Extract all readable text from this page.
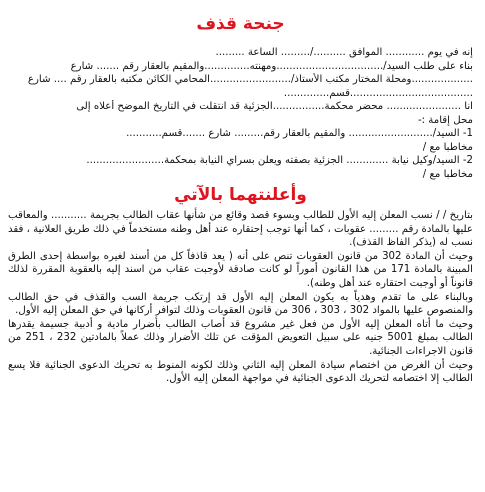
جنحة قذف
إنه في يوم ............ الموافق ........../......... الساعة .........
بناء على طلب السيد/.................................ومهنته..............والمقيم بالعقار رقم ....... شارع
...................ومحلة المختار مكتب الأستاذ/.........................المحامي الكائن مكتبه بالعقار رقم .... شارع
......................................قسم..............
انا ....................... محضر محكمة................الجزئية قد انتقلت في التاريخ الموضح أعلاه إلى
محل إقامة :-
1- السيد/.......................... والمقيم بالعقار رقم......... شارع .......قسم...........
مخاطبا مع /
2- السيد/وكيل نيابة ............. الجزئية بصفته ويعلن بسراي النيابة بمحكمة........................
مخاطبا مع /
وأعلنتهما بالآتي
بتاريخ / / نسب المعلن إليه الأول للطالب وبسوء قصد وقائع من شأنها عقاب الطالب بجريمة ........... والمعاقب عليها بالمادة رقم ......... عقوبات ، كما أنها توجب إحتقاره عند أهل وطنه مستخدماً في ذلك طريق العلانية ، فقد نسب له (يذكر الفاظ القذف).
وحيث أن المادة 302 من قانون العقوبات تنص على أنه ( يعد قاذفاً كل من أسند لغيره بواسطة إحدى الطرق المبينة بالمادة 171 من هذا القانون أموراً لو كانت صادقة لأوجبت عقاب من اسند إليه بالعقوبة المقررة لذلك قانوناً أو أوجبت احتقاره عند أهل وطنه).
وبالبناء على ما تقدم وهدياً به يكون المعلن إليه الأول قد إرتكب جريمة السب والقذف في حق الطالب والمنصوص عليها بالمواد 302 ، 303 ، 306 من قانون العقوبات وذلك لتوافر أركانها في حق المعلن إليه الأول.
وحيث ما أتاه المعلن إليه الأول من فعل غير مشروع قد أصاب الطالب بأضرار مادية و أدبية جسيمة يقدرها الطالب بمبلغ 5001 جنيه على سبيل التعويض المؤقت عن تلك الأضرار وذلك عملاً بالمادتين 232 ، 251 من قانون الاجراءات الجنائية.
وحيث أن الغرض من اختصام سيادة المعلن إليه الثاني وذلك لكونه المنوط به تحريك الدعوى الجنائية فلا يسع الطالب إلا اختصامه لتحريك الدعوى الجنائية في مواجهة المعلن إليه الأول.
